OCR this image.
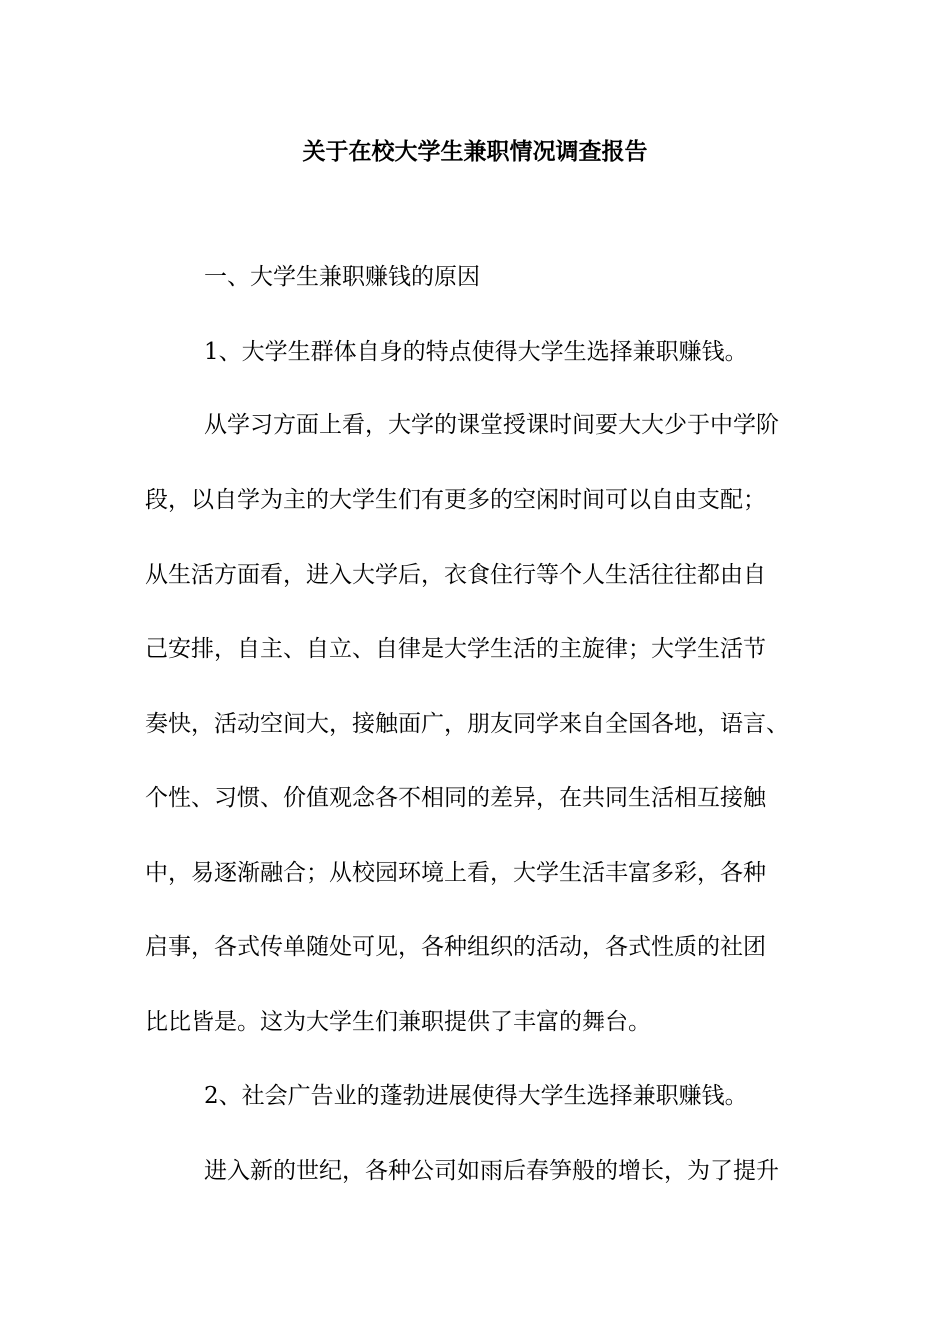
关于在校大学生兼职情况调查报告
一、大学生兼职赚钱的原因
1、大学生群体自身的特点使得大学生选择兼职赚钱。
从学习方面上看，大学的课堂授课时间要大大少于中学阶
段，以自学为主的大学生们有更多的空闲时间可以自由支配；
从生活方面看，进入大学后，衣食住行等个人生活往往都由自
己安排，自主、自立、自律是大学生活的主旋律；大学生活节
奏快，活动空间大，接触面广，朋友同学来自全国各地，语言、
个性、习惯、价值观念各不相同的差异，在共同生活相互接触
中，易逐渐融合；从校园环境上看，大学生活丰富多彩，各种
启事，各式传单随处可见，各种组织的活动，各式性质的社团
比比皆是。这为大学生们兼职提供了丰富的舞台。
2、社会广告业的蓬勃进展使得大学生选择兼职赚钱。
进入新的世纪，各种公司如雨后春笋般的增长，为了提升
